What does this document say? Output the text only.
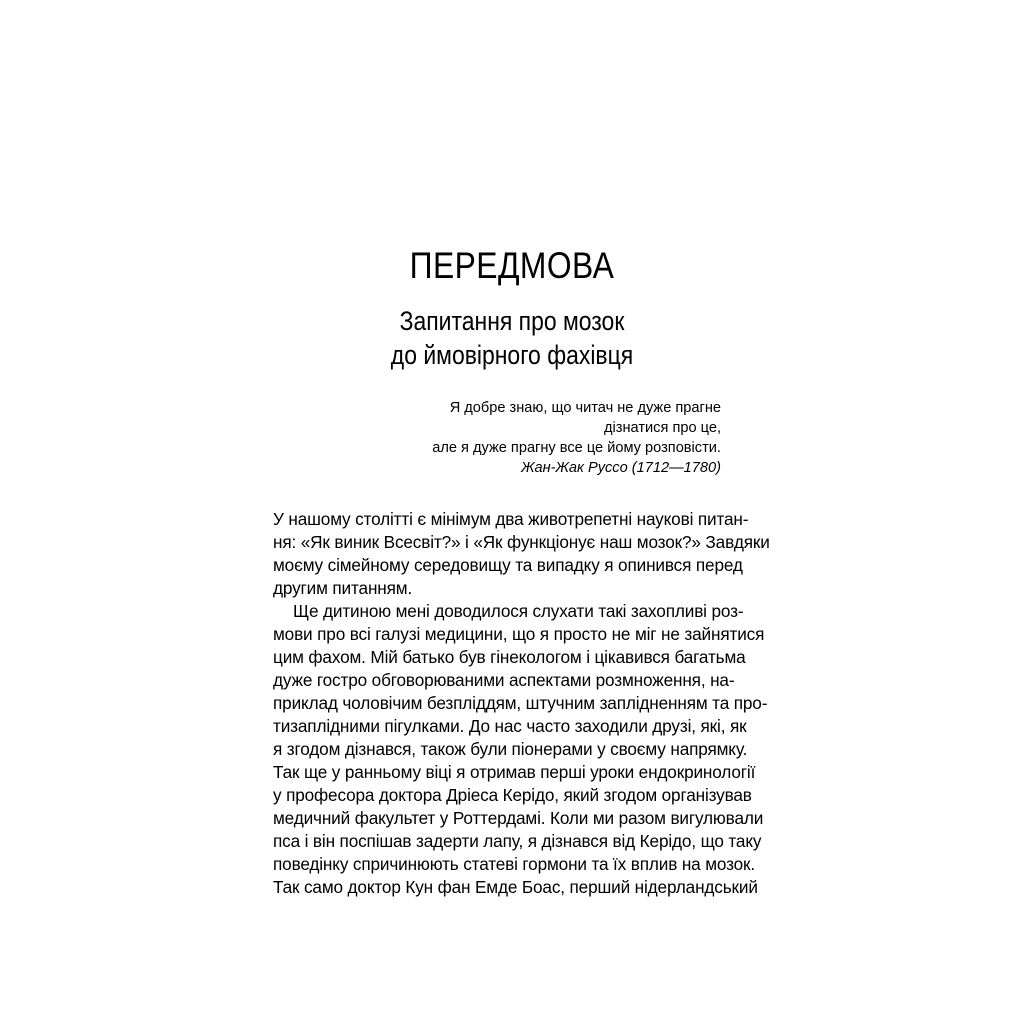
ПЕРЕДМОВА
Запитання про мозок
до ймовірного фахівця
Я добре знаю, що читач не дуже прагне
дізнатися про це,
але я дуже прагну все це йому розповісти.
Жан-Жак Руссо (1712—1780)
У нашому столітті є мінімум два животрепетні наукові питан-
ня: «Як виник Всесвіт?» і «Як функціонує наш мозок?» Завдяки
моєму сімейному середовищу та випадку я опинився перед
другим питанням.
Ще дитиною мені доводилося слухати такі захопливі роз-
мови про всі галузі медицини, що я просто не міг не зайнятися
цим фахом. Мій батько був гінекологом і цікавився багатьма
дуже гостро обговорюваними аспектами розмноження, на-
приклад чоловічим безпліддям, штучним заплідненням та про-
тизаплідними пігулками. До нас часто заходили друзі, які, як
я згодом дізнався, також були піонерами у своєму напрямку.
Так ще у ранньому віці я отримав перші уроки ендокринології
у професора доктора Дріеса Керідо, який згодом організував
медичний факультет у Роттердамі. Коли ми разом вигулювали
пса і він поспішав задерти лапу, я дізнався від Керідо, що таку
поведінку спричинюють статеві гормони та їх вплив на мозок.
Так само доктор Кун фан Емде Боас, перший нідерландський
